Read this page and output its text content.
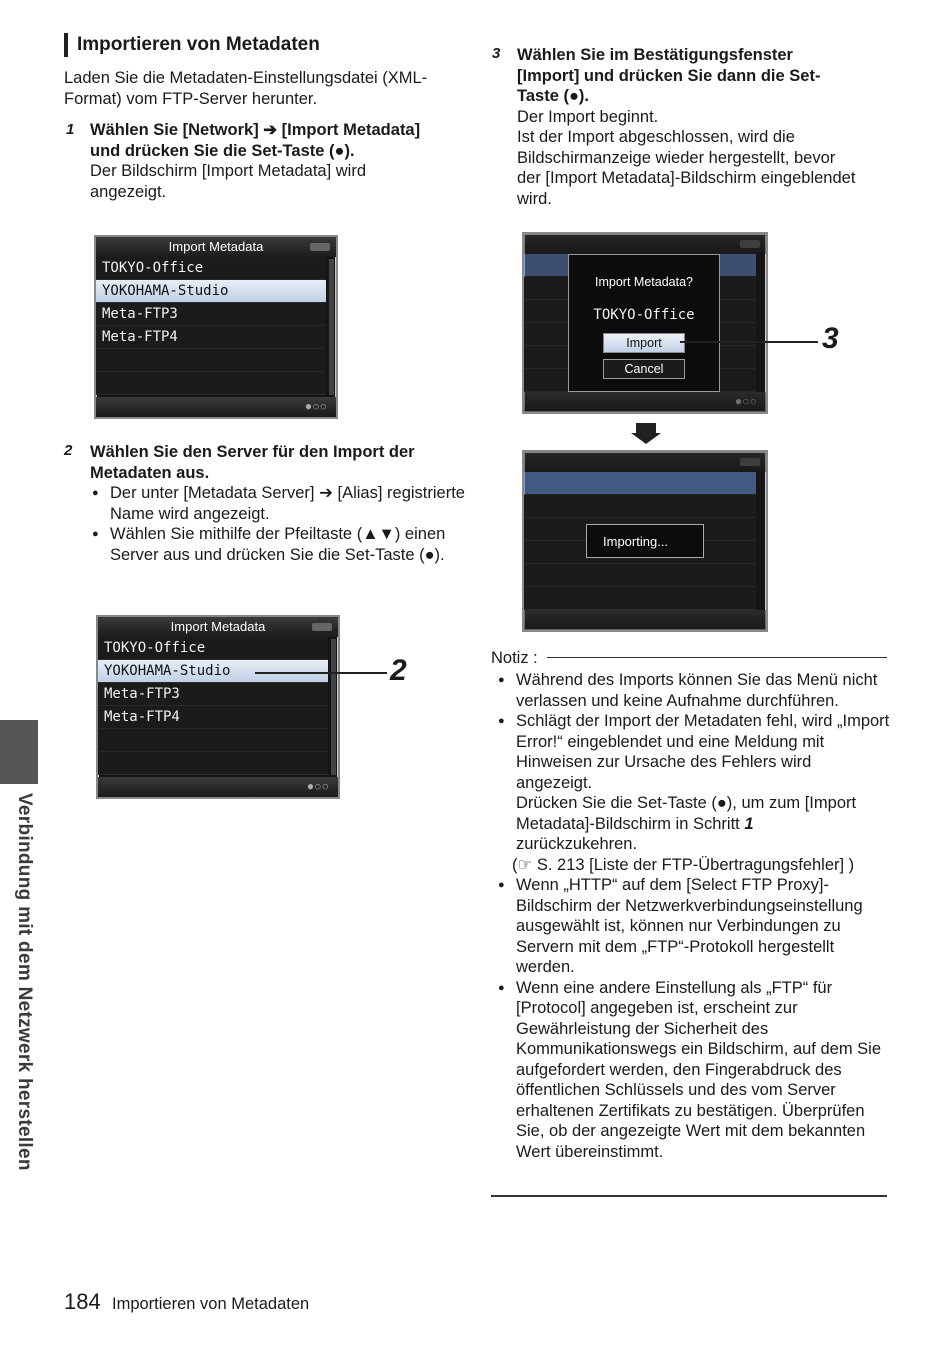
Importieren von Metadaten
Laden Sie die Metadaten-Einstellungsdatei (XML-Format) vom FTP-Server herunter.
1 Wählen Sie [Network] ➔ [Import Metadata]
und drücken Sie die Set-Taste (●).
Der Bildschirm [Import Metadata] wird
angezeigt.
Import Metadata
TOKYO-Office
YOKOHAMA-Studio
Meta-FTP3
Meta-FTP4
●○○
2 Wählen Sie den Server für den Import der
Metadaten aus.
● Der unter [Metadata Server] ➔ [Alias] registrierte Name wird angezeigt.
● Wählen Sie mithilfe der Pfeiltaste (▲▼) einen Server aus und drücken Sie die Set-Taste (●).
Import Metadata
TOKYO-Office
YOKOHAMA-Studio
Meta-FTP3
Meta-FTP4
●○○
2
3 Wählen Sie im Bestätigungsfenster
[Import] und drücken Sie dann die Set-
Taste (●).
Der Import beginnt.
Ist der Import abgeschlossen, wird die
Bildschirmanzeige wieder hergestellt, bevor
der [Import Metadata]-Bildschirm eingeblendet
wird.
●○○
Import Metadata?
TOKYO-Office
Import
Cancel
3
Importing...
Notiz :
● Während des Imports können Sie das Menü nicht verlassen und keine Aufnahme durchführen.
● Schlägt der Import der Metadaten fehl, wird „Import Error!“ eingeblendet und eine Meldung mit Hinweisen zur Ursache des Fehlers wird angezeigt.
Drücken Sie die Set-Taste (●), um zum [Import Metadata]-Bildschirm in Schritt 1
zurückzukehren.
(☞ S. 213 [Liste der FTP-Übertragungsfehler] )
● Wenn „HTTP“ auf dem [Select FTP Proxy]-Bildschirm der Netzwerkverbindungseinstellung ausgewählt ist, können nur Verbindungen zu Servern mit dem „FTP“-Protokoll hergestellt werden.
● Wenn eine andere Einstellung als „FTP“ für [Protocol] angegeben ist, erscheint zur Gewährleistung der Sicherheit des Kommunikationswegs ein Bildschirm, auf dem Sie aufgefordert werden, den Fingerabdruck des öffentlichen Schlüssels und des vom Server erhaltenen Zertifikats zu bestätigen. Überprüfen Sie, ob der angezeigte Wert mit dem bekannten Wert übereinstimmt.
Verbindung mit dem Netzwerk herstellen
184 Importieren von Metadaten
